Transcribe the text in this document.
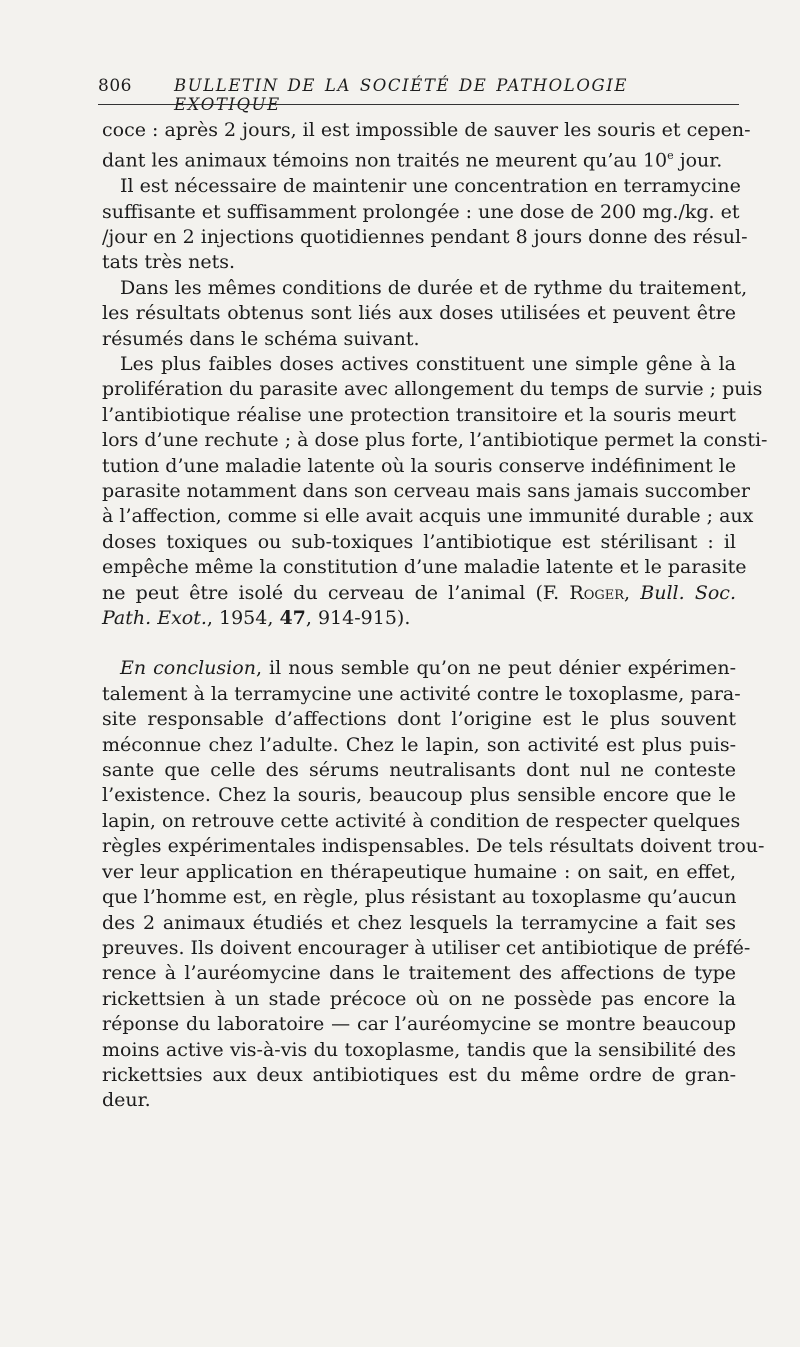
806	BULLETIN DE LA SOCIÉTÉ DE PATHOLOGIE EXOTIQUE
coce : après 2 jours, il est impossible de sauver les souris et cepen-
dant les animaux témoins non traités ne meurent qu’au 10e jour.
Il est nécessaire de maintenir une concentration en terramycine
suffisante et suffisamment prolongée : une dose de 200 mg./kg. et
/jour en 2 injections quotidiennes pendant 8 jours donne des résul-
tats très nets.
Dans les mêmes conditions de durée et de rythme du traitement,
les résultats obtenus sont liés aux doses utilisées et peuvent être
résumés dans le schéma suivant.
Les plus faibles doses actives constituent une simple gêne à la
prolifération du parasite avec allongement du temps de survie ; puis
l’antibiotique réalise une protection transitoire et la souris meurt
lors d’une rechute ; à dose plus forte, l’antibiotique permet la consti-
tution d’une maladie latente où la souris conserve indéfiniment le
parasite notamment dans son cerveau mais sans jamais succomber
à l’affection, comme si elle avait acquis une immunité durable ; aux
doses toxiques ou sub-toxiques l’antibiotique est stérilisant : il
empêche même la constitution d’une maladie latente et le parasite
ne peut être isolé du cerveau de l’animal (F. Roger, Bull. Soc.
Path. Exot., 1954, 47, 914-915).
En conclusion, il nous semble qu’on ne peut dénier expérimen-
talement à la terramycine une activité contre le toxoplasme, para-
site responsable d’affections dont l’origine est le plus souvent
méconnue chez l’adulte. Chez le lapin, son activité est plus puis-
sante que celle des sérums neutralisants dont nul ne conteste
l’existence. Chez la souris, beaucoup plus sensible encore que le
lapin, on retrouve cette activité à condition de respecter quelques
règles expérimentales indispensables. De tels résultats doivent trou-
ver leur application en thérapeutique humaine : on sait, en effet,
que l’homme est, en règle, plus résistant au toxoplasme qu’aucun
des 2 animaux étudiés et chez lesquels la terramycine a fait ses
preuves. Ils doivent encourager à utiliser cet antibiotique de préfé-
rence à l’auréomycine dans le traitement des affections de type
rickettsien à un stade précoce où on ne possède pas encore la
réponse du laboratoire — car l’auréomycine se montre beaucoup
moins active vis-à-vis du toxoplasme, tandis que la sensibilité des
rickettsies aux deux antibiotiques est du même ordre de gran-
deur.
